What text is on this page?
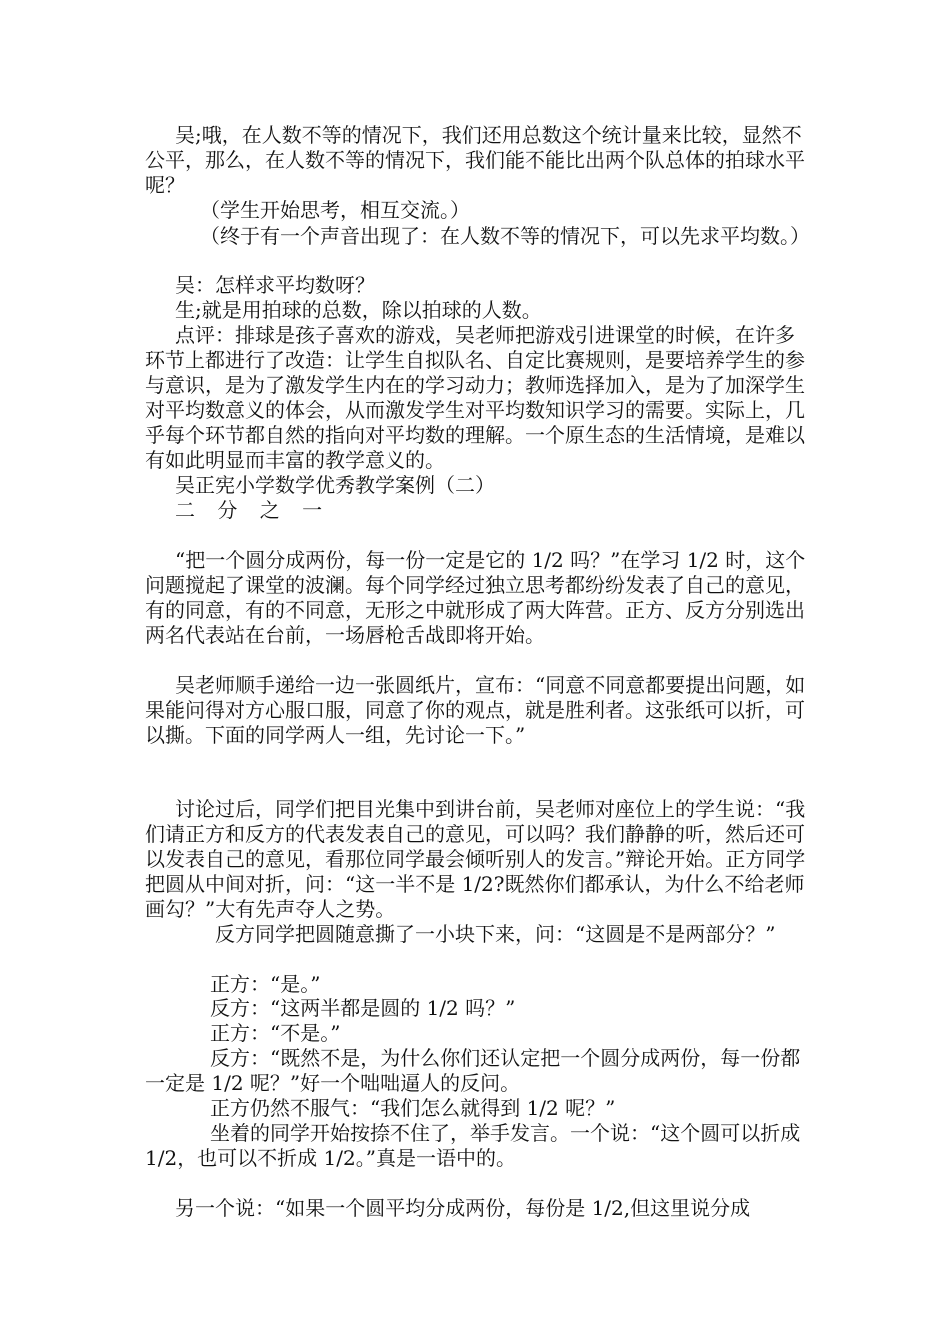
吴;哦，在人数不等的情况下，我们还用总数这个统计量来比较，显然不公平，那么，在人数不等的情况下，我们能不能比出两个队总体的拍球水平呢？

（学生开始思考，相互交流。）

（终于有一个声音出现了：在人数不等的情况下，可以先求平均数。）

吴：怎样求平均数呀？

生;就是用拍球的总数，除以拍球的人数。

点评：排球是孩子喜欢的游戏，吴老师把游戏引进课堂的时候，在许多环节上都进行了改造：让学生自拟队名、自定比赛规则，是要培养学生的参与意识，是为了激发学生内在的学习动力；教师选择加入，是为了加深学生对平均数意义的体会，从而激发学生对平均数知识学习的需要。实际上，几乎每个环节都自然的指向对平均数的理解。一个原生态的生活情境，是难以有如此明显而丰富的教学意义的。

吴正宪小学数学优秀教学案例（二）

二 分 之 一

“把一个圆分成两份，每一份一定是它的 1/2 吗？”在学习 1/2 时，这个问题搅起了课堂的波澜。每个同学经过独立思考都纷纷发表了自己的意见，有的同意，有的不同意，无形之中就形成了两大阵营。正方、反方分别选出两名代表站在台前，一场唇枪舌战即将开始。

吴老师顺手递给一边一张圆纸片，宣布：“同意不同意都要提出问题，如果能问得对方心服口服，同意了你的观点，就是胜利者。这张纸可以折，可以撕。下面的同学两人一组，先讨论一下。”

讨论过后，同学们把目光集中到讲台前，吴老师对座位上的学生说：“我们请正方和反方的代表发表自己的意见，可以吗？我们静静的听，然后还可以发表自己的意见，看那位同学最会倾听别人的发言。”辩论开始。正方同学把圆从中间对折，问：“这一半不是 1/2?既然你们都承认，为什么不给老师画勾？”大有先声夺人之势。

反方同学把圆随意撕了一小块下来，问：“这圆是不是两部分？”

正方：“是。”

反方：“这两半都是圆的 1/2 吗？”

正方：“不是。”

反方：“既然不是，为什么你们还认定把一个圆分成两份，每一份都一定是 1/2 呢？”好一个咄咄逼人的反问。

正方仍然不服气：“我们怎么就得到 1/2 呢？”

坐着的同学开始按捺不住了，举手发言。一个说：“这个圆可以折成 1/2，也可以不折成 1/2。”真是一语中的。

另一个说：“如果一个圆平均分成两份，每份是 1/2,但这里说分成
